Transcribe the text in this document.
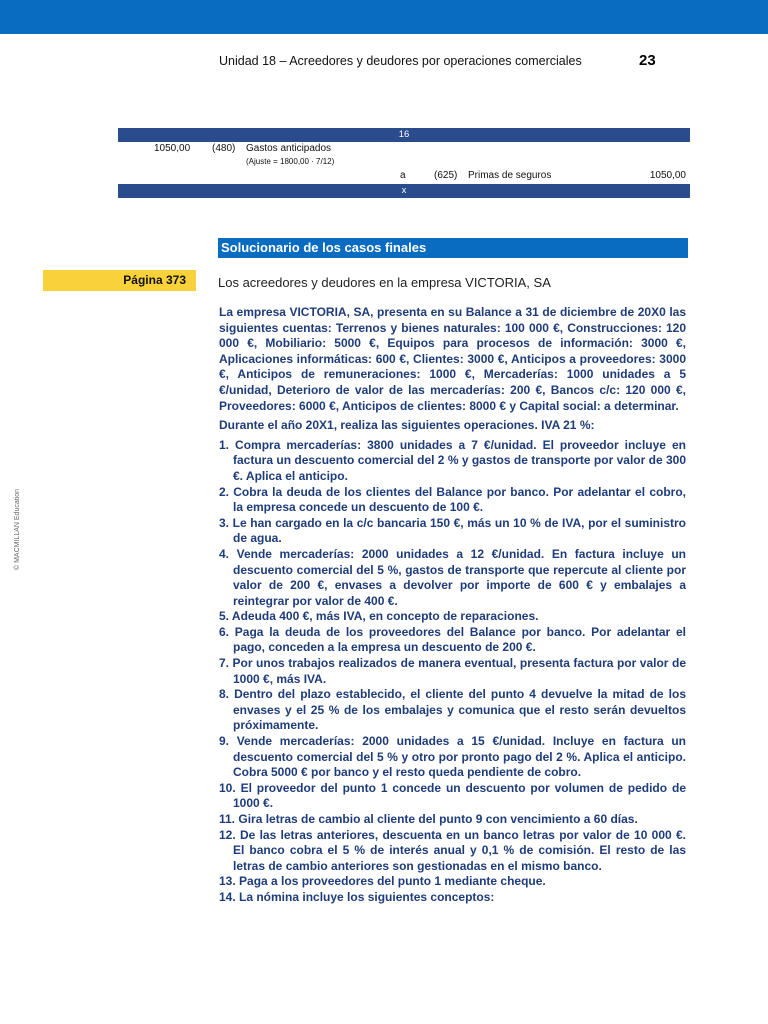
Unidad 18 – Acreedores y deudores por operaciones comerciales	23
16
1050,00 (480) Gastos anticipados
(Ajuste = 1800,00 · 7/12)
a	(625) Primas de seguros	1050,00
x
Solucionario de los casos finales
Página 373	Los acreedores y deudores en la empresa VICTORIA, SA

La empresa VICTORIA, SA, presenta en su Balance a 31 de diciembre de 20X0 las siguientes cuentas: Terrenos y bienes naturales: 100 000 €, Construcciones: 120 000 €, Mobiliario: 5000 €, Equipos para procesos de información: 3000 €, Aplicaciones informáticas: 600 €, Clientes: 3000 €, Anticipos a proveedores: 3000 €, Anticipos de remuneraciones: 1000 €, Mercaderías: 1000 unidades a 5 €/unidad, Deterioro de valor de las mercaderías: 200 €, Bancos c/c: 120 000 €, Proveedores: 6000 €, Anticipos de clientes: 8000 € y Capital social: a determinar.

Durante el año 20X1, realiza las siguientes operaciones. IVA 21 %:

1. Compra mercaderías: 3800 unidades a 7 €/unidad. El proveedor incluye en factura un descuento comercial del 2 % y gastos de transporte por valor de 300 €. Aplica el anticipo.
2. Cobra la deuda de los clientes del Balance por banco. Por adelantar el cobro, la empresa concede un descuento de 100 €.
3. Le han cargado en la c/c bancaria 150 €, más un 10 % de IVA, por el suministro de agua.
4. Vende mercaderías: 2000 unidades a 12 €/unidad. En factura incluye un descuento comercial del 5 %, gastos de transporte que repercute al cliente por valor de 200 €, envases a devolver por importe de 600 € y embalajes a reintegrar por valor de 400 €.
5. Adeuda 400 €, más IVA, en concepto de reparaciones.
6. Paga la deuda de los proveedores del Balance por banco. Por adelantar el pago, conceden a la empresa un descuento de 200 €.
7. Por unos trabajos realizados de manera eventual, presenta factura por valor de 1000 €, más IVA.
8. Dentro del plazo establecido, el cliente del punto 4 devuelve la mitad de los envases y el 25 % de los embalajes y comunica que el resto serán devueltos próximamente.
9. Vende mercaderías: 2000 unidades a 15 €/unidad. Incluye en factura un descuento comercial del 5 % y otro por pronto pago del 2 %. Aplica el anticipo. Cobra 5000 € por banco y el resto queda pendiente de cobro.
10. El proveedor del punto 1 concede un descuento por volumen de pedido de 1000 €.
11. Gira letras de cambio al cliente del punto 9 con vencimiento a 60 días.
12. De las letras anteriores, descuenta en un banco letras por valor de 10 000 €. El banco cobra el 5 % de interés anual y 0,1 % de comisión. El resto de las letras de cambio anteriores son gestionadas en el mismo banco.
13. Paga a los proveedores del punto 1 mediante cheque.
14. La nómina incluye los siguientes conceptos:
© MACMILLAN Education
